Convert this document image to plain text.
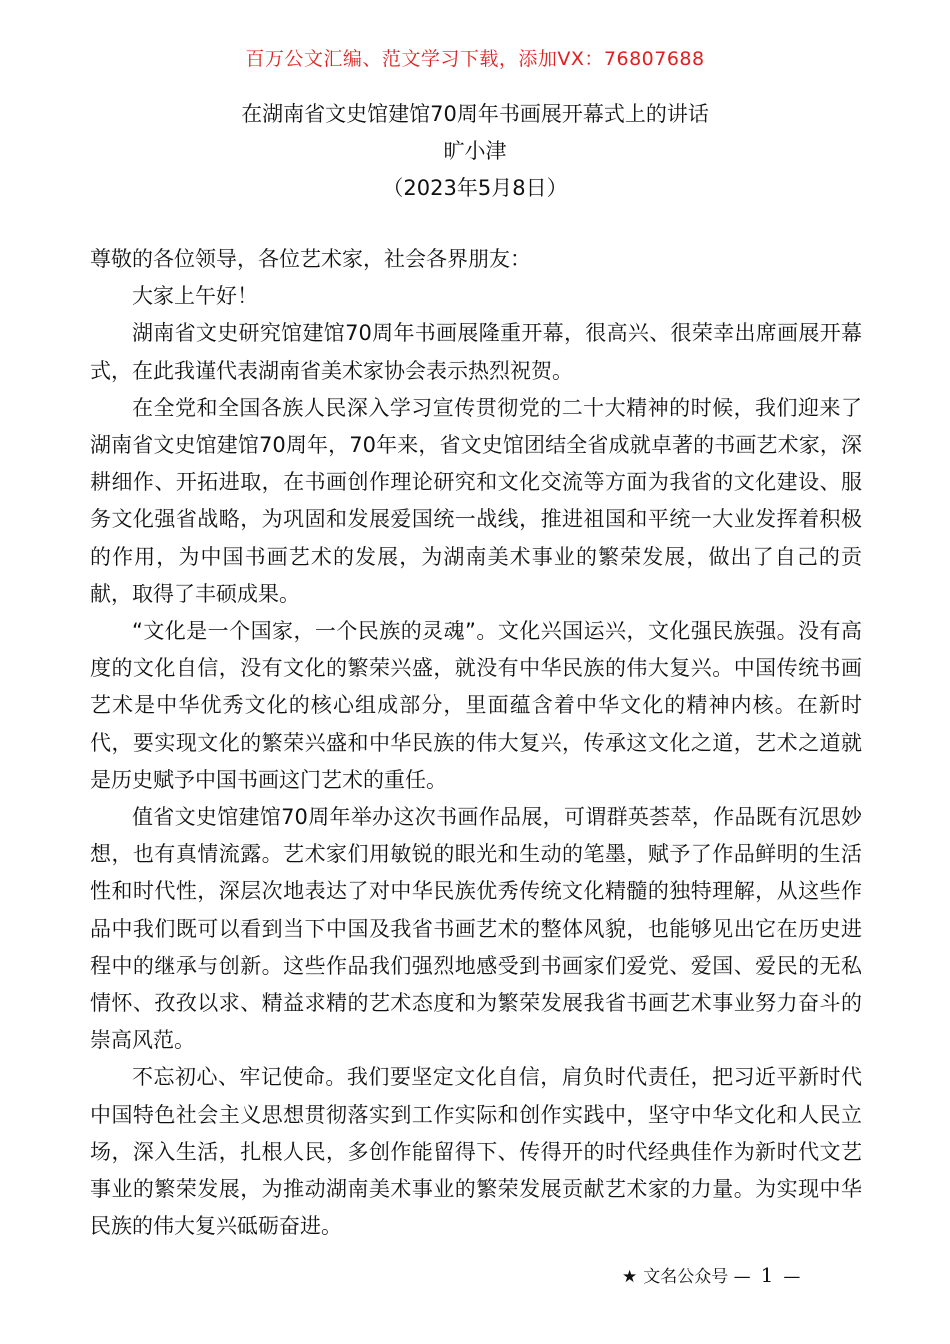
百万公文汇编、范文学习下载，添加VX：76807688
在湖南省文史馆建馆70周年书画展开幕式上的讲话
旷小津
（2023年5月8日）

尊敬的各位领导，各位艺术家，社会各界朋友：

大家上午好！

湖南省文史研究馆建馆70周年书画展隆重开幕，很高兴、很荣幸出席画展开幕式，在此我谨代表湖南省美术家协会表示热烈祝贺。

在全党和全国各族人民深入学习宣传贯彻党的二十大精神的时候，我们迎来了湖南省文史馆建馆70周年，70年来，省文史馆团结全省成就卓著的书画艺术家，深耕细作、开拓进取，在书画创作理论研究和文化交流等方面为我省的文化建设、服务文化强省战略，为巩固和发展爱国统一战线，推进祖国和平统一大业发挥着积极的作用，为中国书画艺术的发展，为湖南美术事业的繁荣发展，做出了自己的贡献，取得了丰硕成果。

“文化是一个国家，一个民族的灵魂”。文化兴国运兴，文化强民族强。没有高度的文化自信，没有文化的繁荣兴盛，就没有中华民族的伟大复兴。中国传统书画艺术是中华优秀文化的核心组成部分，里面蕴含着中华文化的精神内核。在新时代，要实现文化的繁荣兴盛和中华民族的伟大复兴，传承这文化之道，艺术之道就是历史赋予中国书画这门艺术的重任。

值省文史馆建馆70周年举办这次书画作品展，可谓群英荟萃，作品既有沉思妙想，也有真情流露。艺术家们用敏锐的眼光和生动的笔墨，赋予了作品鲜明的生活性和时代性，深层次地表达了对中华民族优秀传统文化精髓的独特理解，从这些作品中我们既可以看到当下中国及我省书画艺术的整体风貌，也能够见出它在历史进程中的继承与创新。这些作品我们强烈地感受到书画家们爱党、爱国、爱民的无私情怀、孜孜以求、精益求精的艺术态度和为繁荣发展我省书画艺术事业努力奋斗的崇高风范。

不忘初心、牢记使命。我们要坚定文化自信，肩负时代责任，把习近平新时代中国特色社会主义思想贯彻落实到工作实际和创作实践中，坚守中华文化和人民立场，深入生活，扎根人民，多创作能留得下、传得开的时代经典佳作为新时代文艺事业的繁荣发展，为推动湖南美术事业的繁荣发展贡献艺术家的力量。为实现中华民族的伟大复兴砥砺奋进。

★ 文名公众号 — 1 —
